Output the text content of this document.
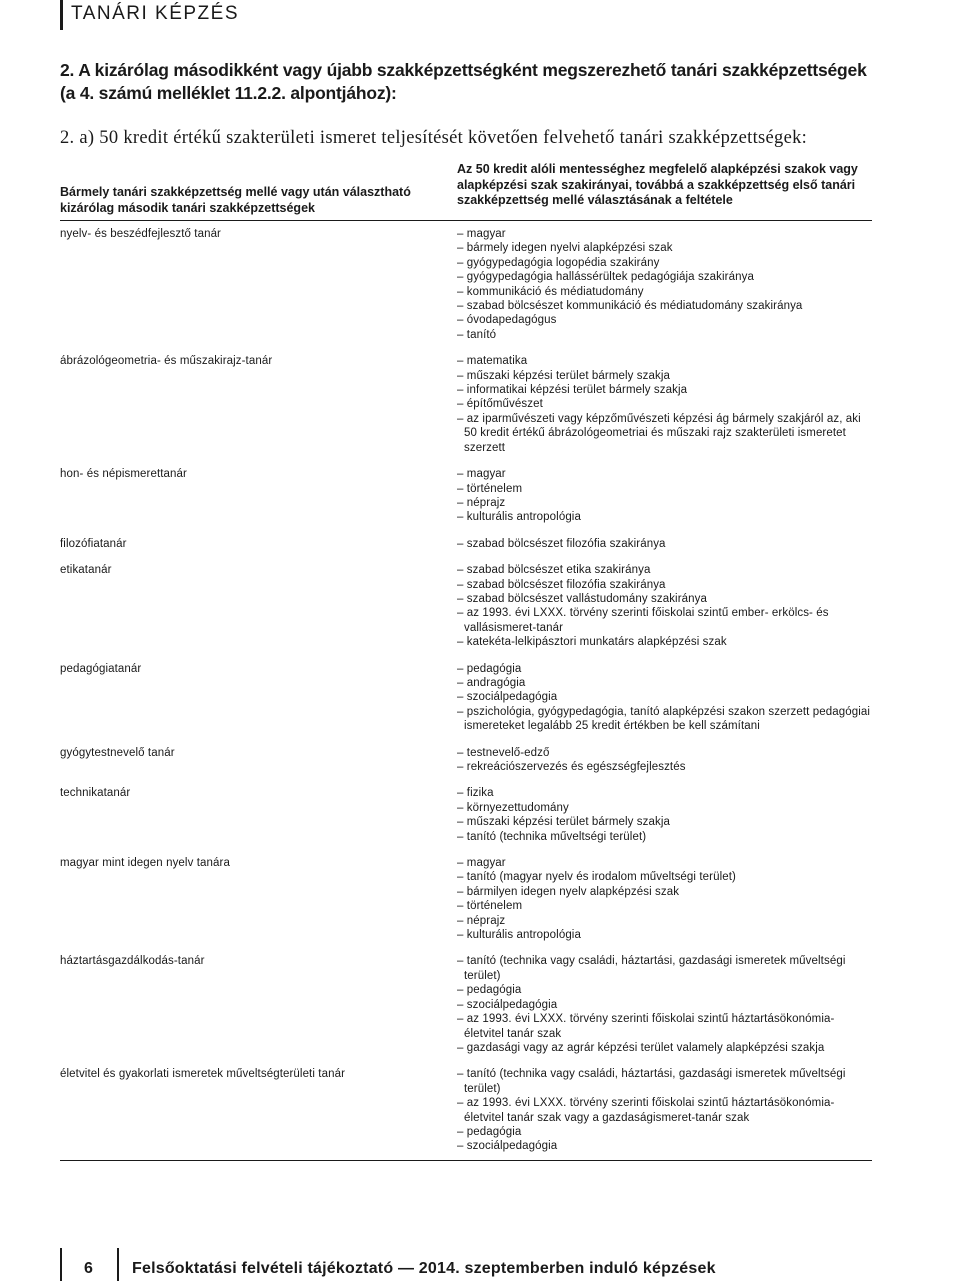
TANÁRI KÉPZÉS
2. A kizárólag másodikként vagy újabb szakképzettségként megszerezhető tanári szakképzettségek (a 4. számú melléklet 11.2.2. alpontjához):
2. a) 50 kredit értékű szakterületi ismeret teljesítését követően felvehető tanári szakképzettségek:
Bármely tanári szakképzettség mellé vagy után választható kizárólag második tanári szakképzettségek
Az 50 kredit alóli mentességhez megfelelő alapképzési szakok vagy alapképzési szak szakirányai, továbbá a szakképzettség első tanári szakképzettség mellé választásának a feltétele
nyelv- és beszédfejlesztő tanár	– magyar
– bármely idegen nyelvi alapképzési szak
– gyógypedagógia logopédia szakirány
– gyógypedagógia hallássérültek pedagógiája szakiránya
– kommunikáció és médiatudomány
– szabad bölcsészet kommunikáció és médiatudomány szakiránya
– óvodapedagógus
– tanító
ábrázológeometria- és műszakirajz-tanár	– matematika
– műszaki képzési terület bármely szakja
– informatikai képzési terület bármely szakja
– építőművészet
– az iparművészeti vagy képzőművészeti képzési ág bármely szakjáról az, aki 50 kredit értékű ábrázológeometriai és műszaki rajz szakterületi ismeretet szerzett
hon- és népismerettanár	– magyar
– történelem
– néprajz
– kulturális antropológia
filozófiatanár	– szabad bölcsészet filozófia szakiránya
etikatanár	– szabad bölcsészet etika szakiránya
– szabad bölcsészet filozófia szakiránya
– szabad bölcsészet vallástudomány szakiránya
– az 1993. évi LXXX. törvény szerinti főiskolai szintű ember- erkölcs- és vallásismeret-tanár
– katekéta-lelkipásztori munkatárs alapképzési szak
pedagógiatanár	– pedagógia
– andragógia
– szociálpedagógia
– pszichológia, gyógypedagógia, tanító alapképzési szakon szerzett pedagógiai ismereteket legalább 25 kredit értékben be kell számítani
gyógytestnevelő tanár	– testnevelő-edző
– rekreációszervezés és egészségfejlesztés
technikatanár	– fizika
– környezettudomány
– műszaki képzési terület bármely szakja
– tanító (technika műveltségi terület)
magyar mint idegen nyelv tanára	– magyar
– tanító (magyar nyelv és irodalom műveltségi terület)
– bármilyen idegen nyelv alapképzési szak
– történelem
– néprajz
– kulturális antropológia
háztartásgazdálkodás-tanár	– tanító (technika vagy családi, háztartási, gazdasági ismeretek műveltségi terület)
– pedagógia
– szociálpedagógia
– az 1993. évi LXXX. törvény szerinti főiskolai szintű háztartásökonómia-életvitel tanár szak
– gazdasági vagy az agrár képzési terület valamely alapképzési szakja
életvitel és gyakorlati ismeretek műveltségterületi tanár	– tanító (technika vagy családi, háztartási, gazdasági ismeretek műveltségi terület)
– az 1993. évi LXXX. törvény szerinti főiskolai szintű háztartásökonómia-életvitel tanár szak vagy a gazdaságismeret-tanár szak
– pedagógia
– szociálpedagógia
6 Felsőoktatási felvételi tájékoztató — 2014. szeptemberben induló képzések
